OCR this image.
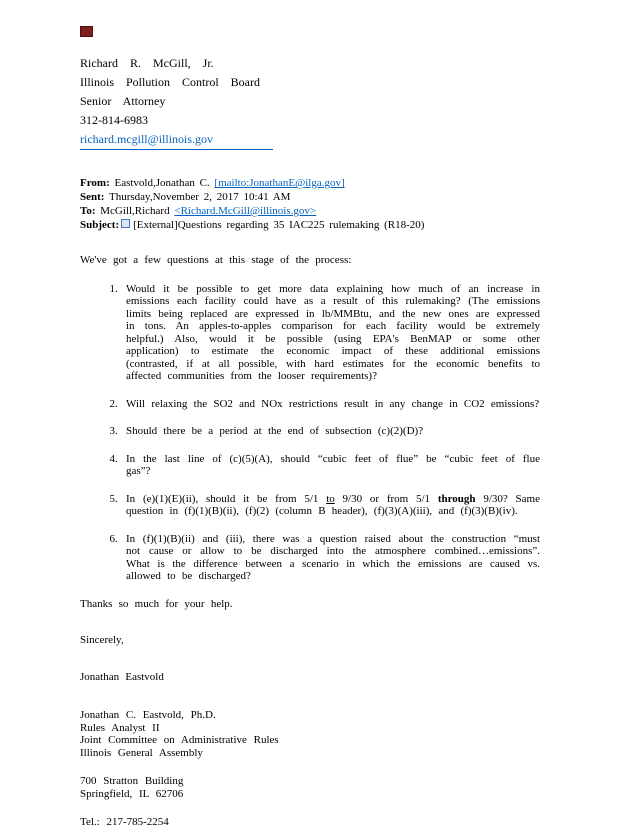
Richard R. McGill, Jr.
Illinois Pollution Control Board
Senior Attorney
312-814-6983
richard.mcgill@illinois.gov
From: Eastvold,Jonathan C. [mailto:JonathanE@ilga.gov]
Sent: Thursday,November 2, 2017 10:41 AM
To: McGill,Richard <Richard.McGill@illinois.gov>
Subject: [External]Questions regarding 35 IAC225 rulemaking (R18-20)

We've got a few questions at this stage of the process:

1. Would it be possible to get more data explaining how much of an increase in emissions each facility could have as a result of this rulemaking? (The emissions limits being replaced are expressed in lb/MMBtu, and the new ones are expressed in tons. An apples-to-apples comparison for each facility would be extremely helpful.) Also, would it be possible (using EPA's BenMAP or some other application) to estimate the economic impact of these additional emissions (contrasted, if at all possible, with hard estimates for the economic benefits to affected communities from the looser requirements)?
2. Will relaxing the SO2 and NOx restrictions result in any change in CO2 emissions?
3. Should there be a period at the end of subsection (c)(2)(D)?
4. In the last line of (c)(5)(A), should “cubic feet of flue” be “cubic feet of flue gas”?
5. In (e)(1)(E)(ii), should it be from 5/1 to 9/30 or from 5/1 through 9/30? Same question in (f)(1)(B)(ii), (f)(2) (column B header), (f)(3)(A)(iii), and (f)(3)(B)(iv).
6. In (f)(1)(B)(ii) and (iii), there was a question raised about the construction “must not cause or allow to be discharged into the atmosphere combined…emissions”. What is the difference between a scenario in which the emissions are caused vs. allowed to be discharged?

Thanks so much for your help.

Sincerely,

Jonathan Eastvold

Jonathan C. Eastvold, Ph.D.
Rules Analyst II
Joint Committee on Administrative Rules
Illinois General Assembly
700 Stratton Building
Springfield, IL 62706
Tel.: 217-785-2254
